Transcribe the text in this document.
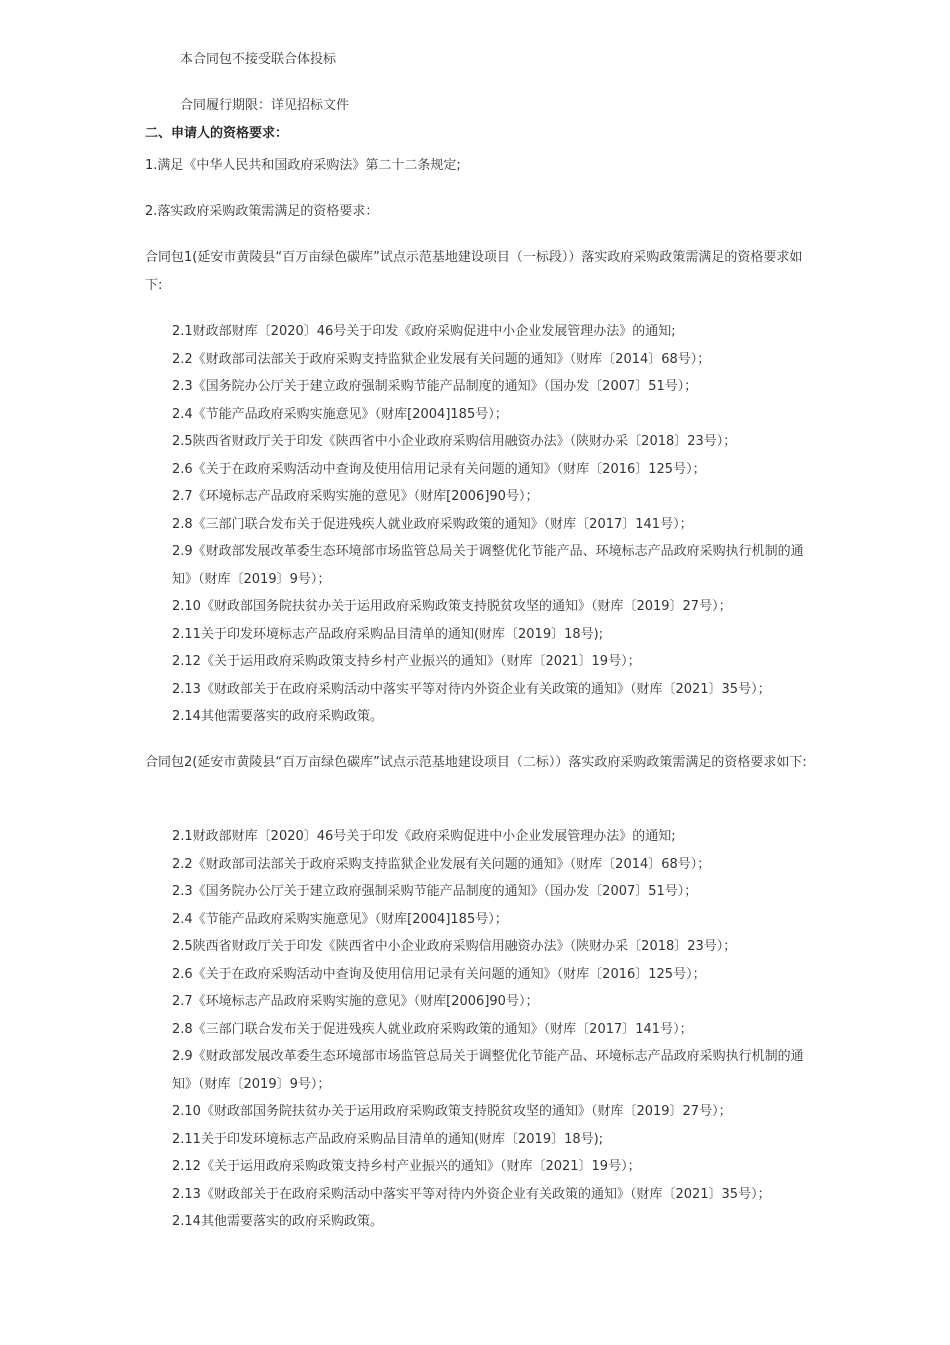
本合同包不接受联合体投标
合同履行期限：详见招标文件
二、申请人的资格要求：
1.满足《中华人民共和国政府采购法》第二十二条规定;
2.落实政府采购政策需满足的资格要求：
合同包1(延安市黄陵县“百万亩绿色碳库”试点示范基地建设项目（一标段））落实政府采购政策需满足的资格要求如下:
2.1财政部财库〔2020〕46号关于印发《政府采购促进中小企业发展管理办法》的通知;
2.2《财政部司法部关于政府采购支持监狱企业发展有关问题的通知》（财库〔2014〕68号）；
2.3《国务院办公厅关于建立政府强制采购节能产品制度的通知》（国办发〔2007〕51号）；
2.4《节能产品政府采购实施意见》（财库[2004]185号）；
2.5陕西省财政厅关于印发《陕西省中小企业政府采购信用融资办法》（陕财办采〔2018〕23号）；
2.6《关于在政府采购活动中查询及使用信用记录有关问题的通知》（财库〔2016〕125号）；
2.7《环境标志产品政府采购实施的意见》（财库[2006]90号）；
2.8《三部门联合发布关于促进残疾人就业政府采购政策的通知》（财库〔2017〕141号）；
2.9《财政部发展改革委生态环境部市场监管总局关于调整优化节能产品、环境标志产品政府采购执行机制的通知》（财库〔2019〕9号）；
2.10《财政部国务院扶贫办关于运用政府采购政策支持脱贫攻坚的通知》（财库〔2019〕27号）；
2.11关于印发环境标志产品政府采购品目清单的通知(财库〔2019〕18号);
2.12《关于运用政府采购政策支持乡村产业振兴的通知》（财库〔2021〕19号）；
2.13《财政部关于在政府采购活动中落实平等对待内外资企业有关政策的通知》（财库〔2021〕35号）；
2.14其他需要落实的政府采购政策。
合同包2(延安市黄陵县“百万亩绿色碳库”试点示范基地建设项目（二标））落实政府采购政策需满足的资格要求如下:
2.1财政部财库〔2020〕46号关于印发《政府采购促进中小企业发展管理办法》的通知;
2.2《财政部司法部关于政府采购支持监狱企业发展有关问题的通知》（财库〔2014〕68号）；
2.3《国务院办公厅关于建立政府强制采购节能产品制度的通知》（国办发〔2007〕51号）；
2.4《节能产品政府采购实施意见》（财库[2004]185号）；
2.5陕西省财政厅关于印发《陕西省中小企业政府采购信用融资办法》（陕财办采〔2018〕23号）；
2.6《关于在政府采购活动中查询及使用信用记录有关问题的通知》（财库〔2016〕125号）；
2.7《环境标志产品政府采购实施的意见》（财库[2006]90号）；
2.8《三部门联合发布关于促进残疾人就业政府采购政策的通知》（财库〔2017〕141号）；
2.9《财政部发展改革委生态环境部市场监管总局关于调整优化节能产品、环境标志产品政府采购执行机制的通知》（财库〔2019〕9号）；
2.10《财政部国务院扶贫办关于运用政府采购政策支持脱贫攻坚的通知》（财库〔2019〕27号）；
2.11关于印发环境标志产品政府采购品目清单的通知(财库〔2019〕18号);
2.12《关于运用政府采购政策支持乡村产业振兴的通知》（财库〔2021〕19号）；
2.13《财政部关于在政府采购活动中落实平等对待内外资企业有关政策的通知》（财库〔2021〕35号）；
2.14其他需要落实的政府采购政策。
